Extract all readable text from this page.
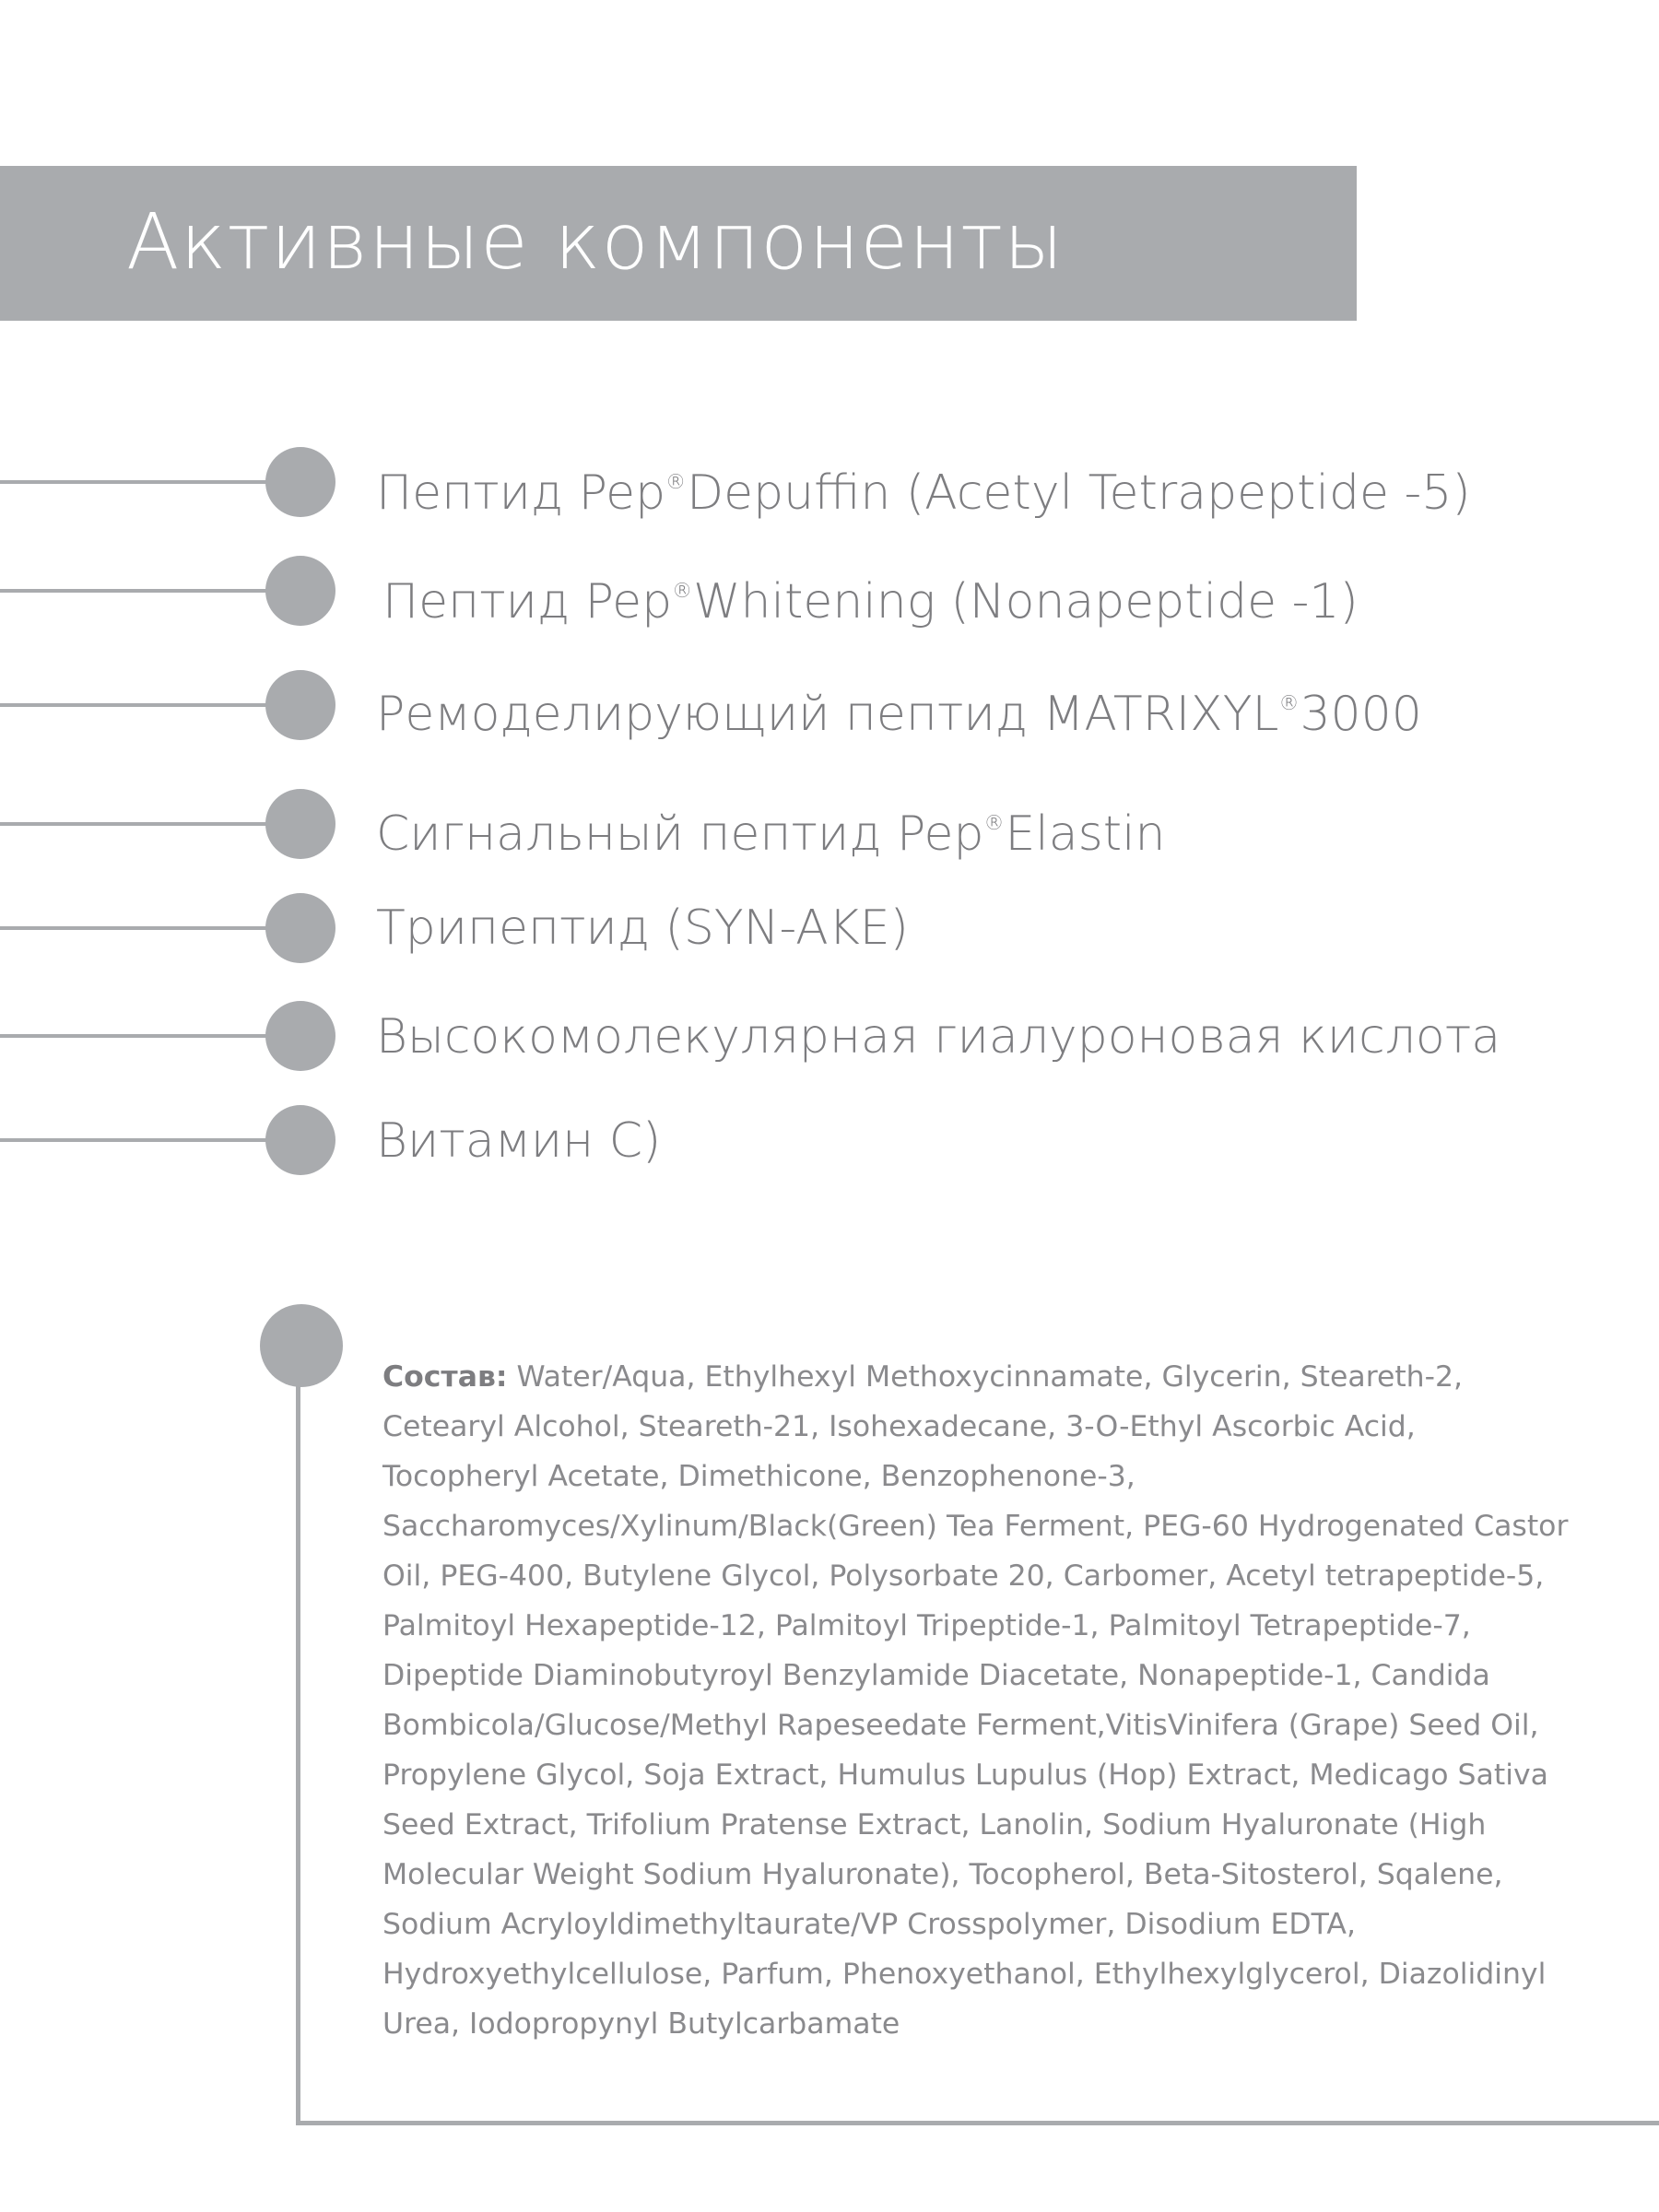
Активные компоненты
Пептид Pep®Depuffin (Acetyl Tetrapeptide -5)
Пептид Pep®Whitening (Nonapeptide -1)
Ремоделирующий пептид MATRIXYL®3000
Сигнальный пептид Pep®Elastin
Трипептид (SYN-AKE)
Высокомолекулярная гиалуроновая кислота
Витамин C)
Состав: Water/Aqua, Ethylhexyl Methoxycinnamate, Glycerin, Steareth-2, Cetearyl Alcohol, Steareth-21, Isohexadecane, 3-O-Ethyl Ascorbic Acid, Tocopheryl Acetate, Dimethicone, Benzophenone-3, Saccharomyces/Xylinum/Black(Green) Tea Ferment, PEG-60 Hydrogenated Castor Oil, PEG-400, Butylene Glycol, Polysorbate 20, Carbomer, Acetyl tetrapeptide-5, Palmitoyl Hexapeptide-12, Palmitoyl Tripeptide-1, Palmitoyl Tetrapeptide-7, Dipeptide Diaminobutyroyl Benzylamide Diacetate, Nonapeptide-1, Candida Bombicola/Glucose/Methyl Rapeseedate Ferment,VitisVinifera (Grape) Seed Oil, Propylene Glycol, Soja Extract, Humulus Lupulus (Hop) Extract, Medicago Sativa Seed Extract, Trifolium Pratense Extract, Lanolin, Sodium Hyaluronate (High Molecular Weight Sodium Hyaluronate), Tocopherol, Beta-Sitosterol, Sqalene, Sodium Acryloyldimethyltaurate/VP Crosspolymer, Disodium EDTA, Hydroxyethylcellulose, Parfum, Phenoxyethanol, Ethylhexylglycerol, Diazolidinyl Urea, Iodopropynyl Butylcarbamate
